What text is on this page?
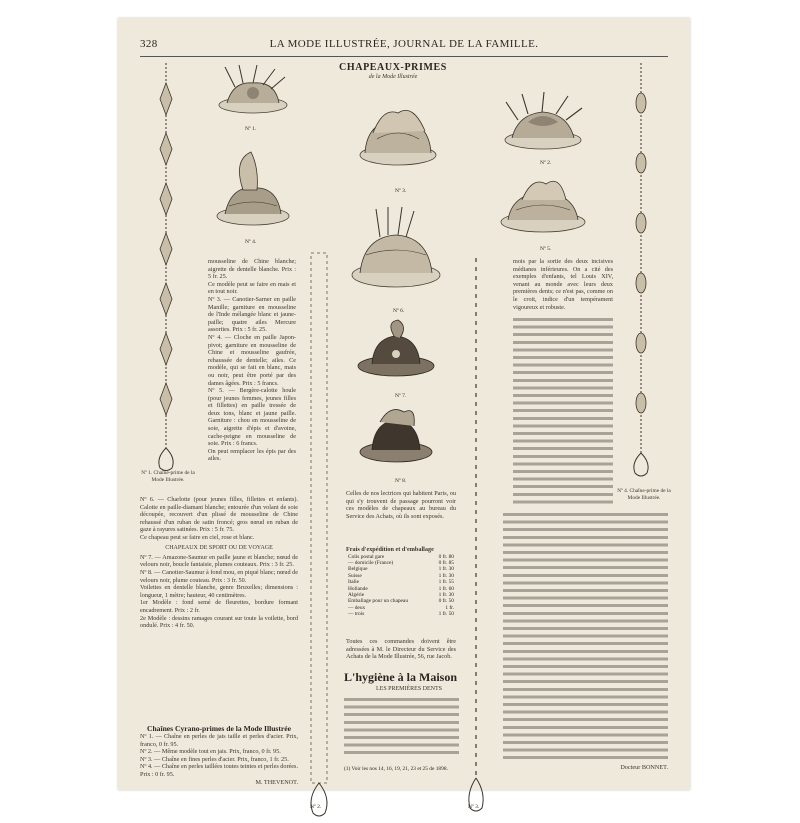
328	LA MODE ILLUSTRÉE, JOURNAL DE LA FAMILLE.
CHAPEAUX-PRIMES
de la Mode Illustrée
Nº 1.
Nº 4.
Nº 3.
Nº 6.
Nº 7.
Nº 8.
Nº 2.
Nº 5.
Nº 1. Chaîne-prime de la Mode Illustrée.
Nº 2.	Nº 3.
Nº 4. Chaîne-prime de la Mode Illustrée.
mousseline de Chine blanche; aigrette de dentelle blanche. Prix : 5 fr. 25.
Ce modèle peut se faire en mais et en tout noir.
Nº 3. — Canotier-Sarner en paille Manille; garniture en mousseline de l'Inde mélangée blanc et jaune-paille; quatre ailes Mercure assorties. Prix : 5 fr. 25.
Nº 4. — Cloche en paille Japon-pivot; garniture en mousseline de Chine et mousseline gaufrée, rehaussée de dentelle; ailes. Ce modèle, qui se fait en blanc, mais ou noir, peut être porté par des dames âgées. Prix : 5 francs.
Nº 5. — Bergère-calotte houle (pour jeunes femmes, jeunes filles et fillettes) en paille tressée de deux tons, blanc et jaune paille. Garniture : chou en mousseline de soie, aigrette d'épis et d'avoine, cache-peigne en mousseline de soie. Prix : 6 francs.
On peut remplacer les épis par des ailes.
Nº 6. — Charlotte (pour jeunes filles, fillettes et enfants). Calotte en paille-diamant blanche; entourée d'un volant de soie découpée, recouvert d'un plissé de mousseline de Chine rehaussé d'un ruban de satin froncé; gros nœud en ruban de gaze à rayures satinées. Prix : 5 fr. 75.
Ce chapeau peut se faire en ciel, rose et blanc.
CHAPEAUX DE SPORT OU DE VOYAGE
Nº 7. — Amazone-Saumur en paille jaune et blanche; nœud de velours noir, boucle fantaisie, plumes couteaux. Prix : 3 fr. 25.
Nº 8. — Canotier-Saumur à fond mou, en piqué blanc; nœud de velours noir, plume couteau. Prix : 3 fr. 50.
Voilettes en dentelle blanche, genre Bruxelles; dimensions : longueur, 1 mètre; hauteur, 40 centimètres.
1er Modèle : fond semé de fleurettes, bordure formant encadrement. Prix : 2 fr.
2e Modèle : dessins ramages courant sur toute la voilette, bord ondulé. Prix : 4 fr. 50.
Chaînes Cyrano-primes de la Mode Illustrée
Nº 1. — Chaîne en perles de jais taille et perles d'acier. Prix, franco, 0 fr. 95.
Nº 2. — Même modèle tout en jais. Prix, franco, 0 fr. 95.
Nº 3. — Chaîne en fines perles d'acier. Prix, franco, 1 fr. 25.
Nº 4. — Chaîne en perles taillées toutes teintes et perles dorées. Prix : 0 fr. 95.
M. THEVENOT.
Celles de nos lectrices qui habitent Paris, ou qui s'y trouvent de passage pourront voir ces modèles de chapeaux au bureau du Service des Achats, où ils sont exposés.
Frais d'expédition et d'emballage
Colis postal gare	0 fr. 80
— domicile (France)	0 fr. 85
Belgique	1 fr. 30
Suisse	1 fr. 30
Italie	1 fr. 55
Hollande	1 fr. 60
Algérie	1 fr. 30
Emballage pour un chapeau	0 fr. 50
— deux	1 fr.
— trois	1 fr. 50
Toutes ces commandes doivent être adressées à M. le Directeur du Service des Achats de la Mode Illustrée, 56, rue Jacob.
L'hygiène à la Maison
LES PREMIÈRES DENTS
(1) Voir les nos 14, 16, 19, 21, 23 et 25 de 1898.
mois par la sortie des deux incisives médianes inférieures. On a cité des exemples d'enfants, tel Louis XIV, venant au monde avec leurs deux premières dents; ce n'est pas, comme on le croit, indice d'un tempérament vigoureux et robuste.
Docteur BONNET.
